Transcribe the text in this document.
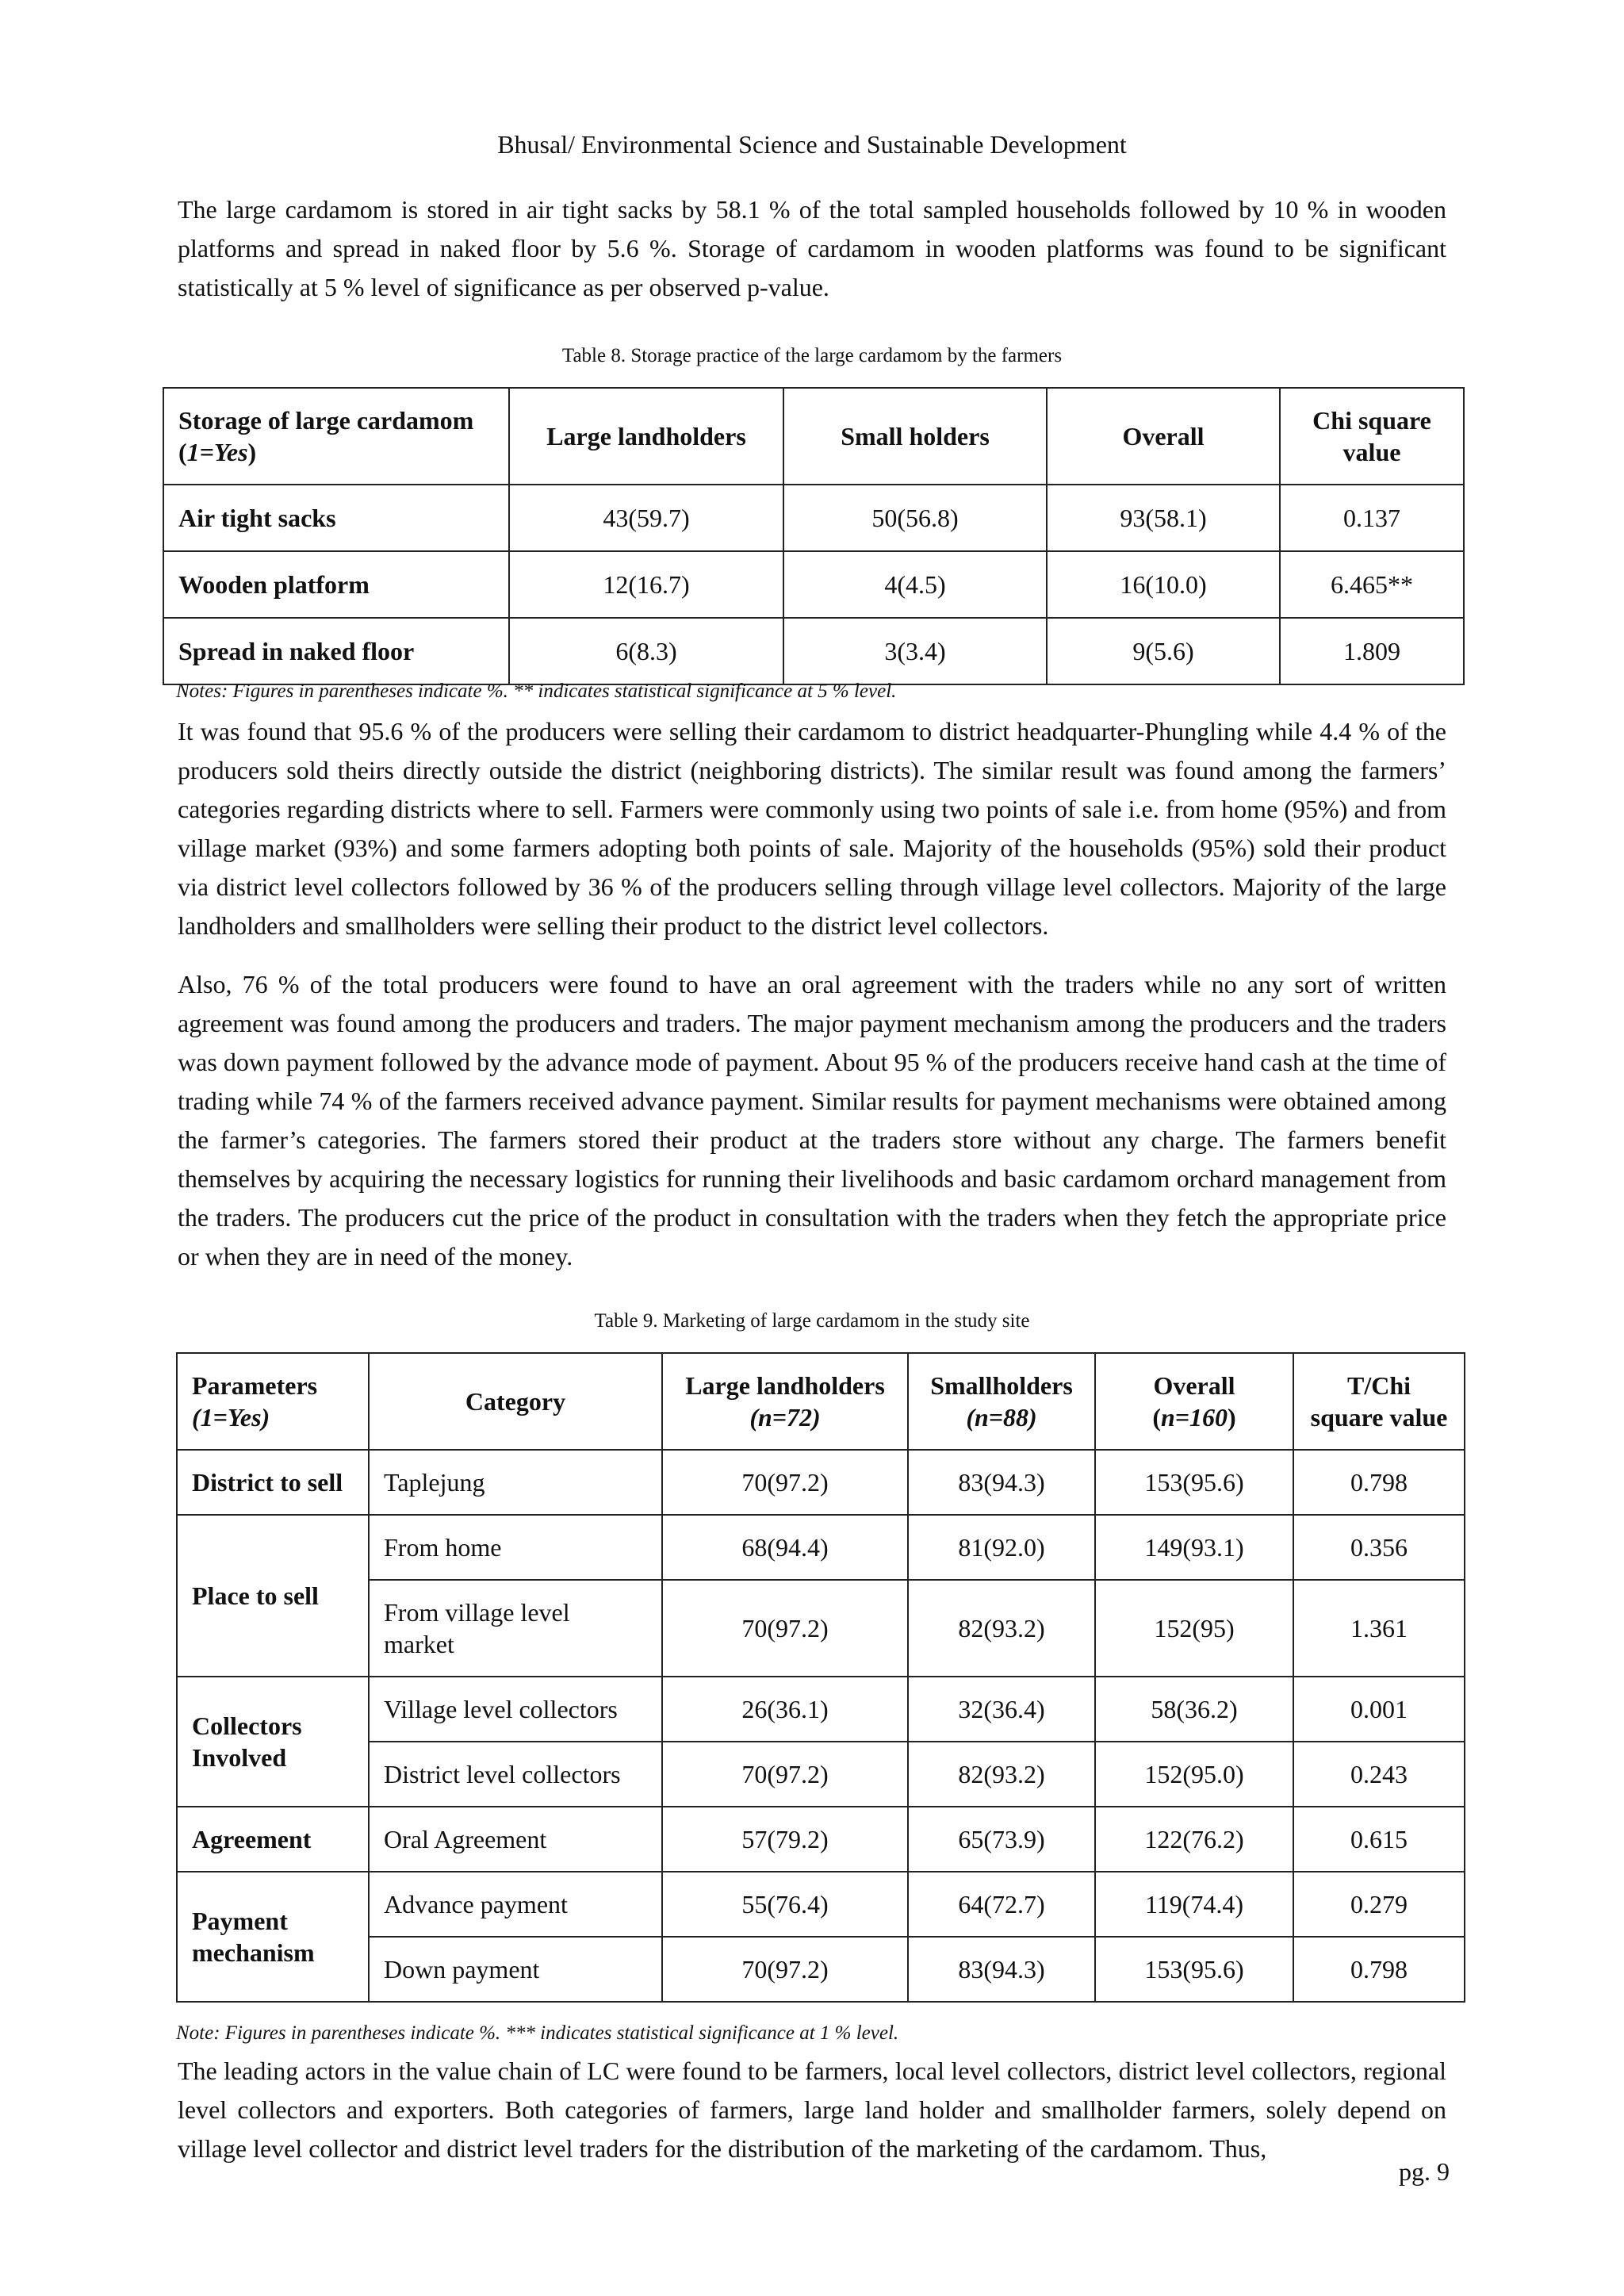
Bhusal/ Environmental Science and Sustainable Development

The large cardamom is stored in air tight sacks by 58.1 % of the total sampled households followed by 10 % in wooden platforms and spread in naked floor by 5.6 %. Storage of cardamom in wooden platforms was found to be significant statistically at 5 % level of significance as per observed p-value.

Table 8. Storage practice of the large cardamom by the farmers
Storage of large cardamom
(1=Yes)	Large landholders	Small holders	Overall	Chi square
value
Air tight sacks	43(59.7)	50(56.8)	93(58.1)	0.137
Wooden platform	12(16.7)	4(4.5)	16(10.0)	6.465**
Spread in naked floor	6(8.3)	3(3.4)	9(5.6)	1.809
Notes: Figures in parentheses indicate %. ** indicates statistical significance at 5 % level.

It was found that 95.6 % of the producers were selling their cardamom to district headquarter-Phungling while 4.4 % of the producers sold theirs directly outside the district (neighboring districts). The similar result was found among the farmers’ categories regarding districts where to sell. Farmers were commonly using two points of sale i.e. from home (95%) and from village market (93%) and some farmers adopting both points of sale. Majority of the households (95%) sold their product via district level collectors followed by 36 % of the producers selling through village level collectors. Majority of the large landholders and smallholders were selling their product to the district level collectors.

Also, 76 % of the total producers were found to have an oral agreement with the traders while no any sort of written agreement was found among the producers and traders. The major payment mechanism among the producers and the traders was down payment followed by the advance mode of payment. About 95 % of the producers receive hand cash at the time of trading while 74 % of the farmers received advance payment. Similar results for payment mechanisms were obtained among the farmer’s categories. The farmers stored their product at the traders store without any charge. The farmers benefit themselves by acquiring the necessary logistics for running their livelihoods and basic cardamom orchard management from the traders. The producers cut the price of the product in consultation with the traders when they fetch the appropriate price or when they are in need of the money.

Table 9. Marketing of large cardamom in the study site
Parameters
(1=Yes)	Category	Large landholders
(n=72)	Smallholders
(n=88)	Overall
(n=160)	T/Chi
square value
District to sell	Taplejung	70(97.2)	83(94.3)	153(95.6)	0.798
Place to sell	From home	68(94.4)	81(92.0)	149(93.1)	0.356
	From village level
market	70(97.2)	82(93.2)	152(95)	1.361
Collectors
Involved	Village level collectors	26(36.1)	32(36.4)	58(36.2)	0.001
	District level collectors	70(97.2)	82(93.2)	152(95.0)	0.243
Agreement	Oral Agreement	57(79.2)	65(73.9)	122(76.2)	0.615
Payment
mechanism	Advance payment	55(76.4)	64(72.7)	119(74.4)	0.279
	Down payment	70(97.2)	83(94.3)	153(95.6)	0.798
Note: Figures in parentheses indicate %. *** indicates statistical significance at 1 % level.

The leading actors in the value chain of LC were found to be farmers, local level collectors, district level collectors, regional level collectors and exporters. Both categories of farmers, large land holder and smallholder farmers, solely depend on village level collector and district level traders for the distribution of the marketing of the cardamom. Thus,

pg. 9
